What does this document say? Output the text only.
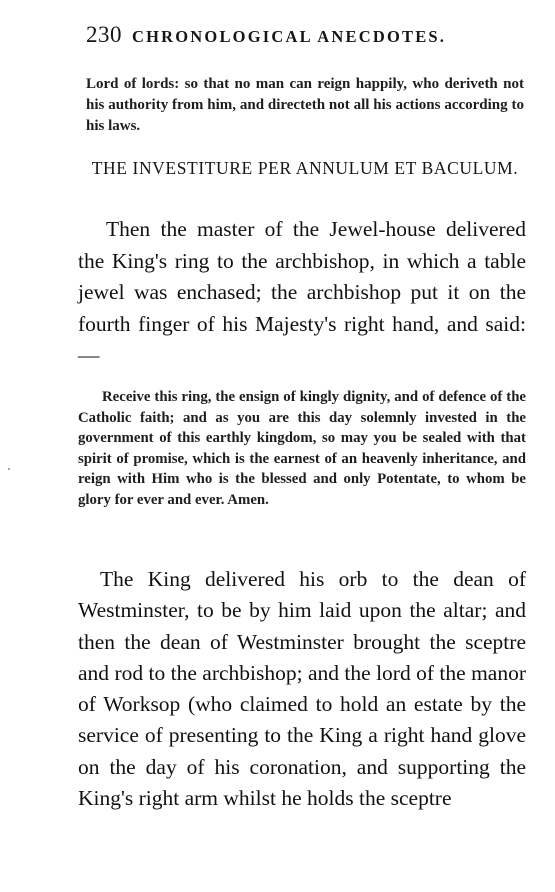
230 CHRONOLOGICAL ANECDOTES.

Lord of lords: so that no man can reign happily, who deriveth not his authority from him, and directeth not all his actions according to his laws.

THE INVESTITURE PER ANNULUM ET BACULUM.

Then the master of the Jewel-house delivered the King's ring to the archbishop, in which a table jewel was enchased; the archbishop put it on the fourth finger of his Majesty's right hand, and said: —

Receive this ring, the ensign of kingly dignity, and of defence of the Catholic faith; and as you are this day solemnly invested in the government of this earthly kingdom, so may you be sealed with that spirit of promise, which is the earnest of an heavenly inheritance, and reign with Him who is the blessed and only Potentate, to whom be glory for ever and ever. Amen.

The King delivered his orb to the dean of Westminster, to be by him laid upon the altar; and then the dean of Westminster brought the sceptre and rod to the archbishop; and the lord of the manor of Worksop (who claimed to hold an estate by the service of presenting to the King a right hand glove on the day of his coronation, and supporting the King's right arm whilst he holds the sceptre
